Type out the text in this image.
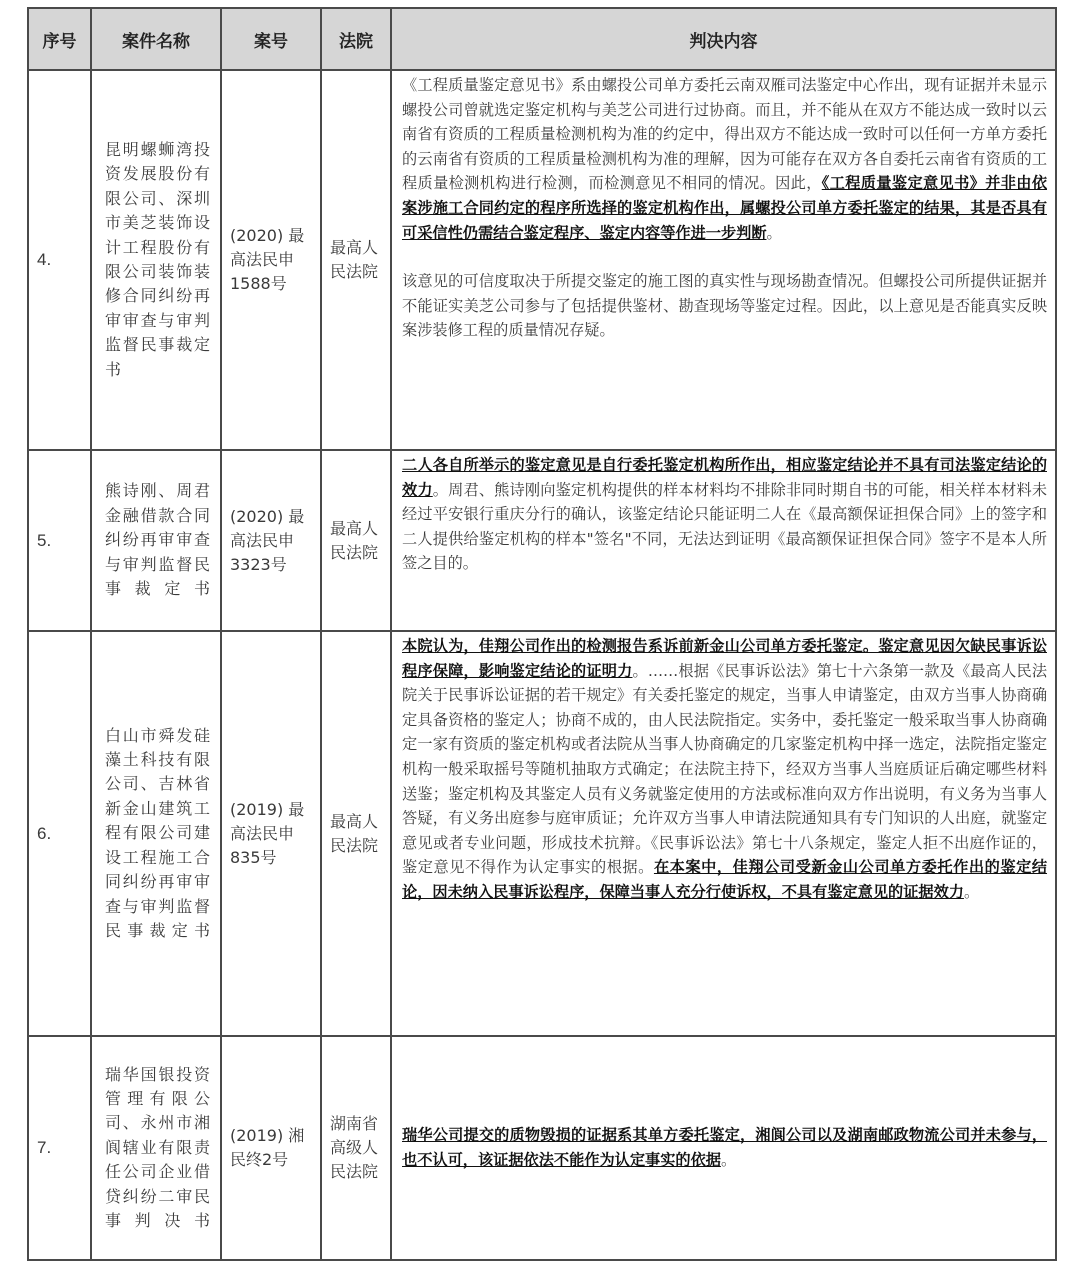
序号	案件名称	案号	法院	判决内容
4.	昆明螺蛳湾投资发展股份有限公司、深圳市美芝装饰设计工程股份有限公司装饰装修合同纠纷再审审查与审判监督民事裁定书	(2020) 最高法民申1588号	最高人民法院	《工程质量鉴定意见书》系由螺投公司单方委托云南双雁司法鉴定中心作出，现有证据并未显示螺投公司曾就选定鉴定机构与美芝公司进行过协商。而且，并不能从在双方不能达成一致时以云南省有资质的工程质量检测机构为准的约定中，得出双方不能达成一致时可以任何一方单方委托的云南省有资质的工程质量检测机构为准的理解，因为可能存在双方各自委托云南省有资质的工程质量检测机构进行检测，而检测意见不相同的情况。因此，《工程质量鉴定意见书》并非由依案涉施工合同约定的程序所选择的鉴定机构作出，属螺投公司单方委托鉴定的结果，其是否具有可采信性仍需结合鉴定程序、鉴定内容等作进一步判断。

该意见的可信度取决于所提交鉴定的施工图的真实性与现场勘查情况。但螺投公司所提供证据并不能证实美芝公司参与了包括提供鉴材、勘查现场等鉴定过程。因此，以上意见是否能真实反映案涉装修工程的质量情况存疑。

5.	熊诗刚、周君金融借款合同纠纷再审审查与审判监督民事裁定书	(2020) 最高法民申3323号	最高人民法院	二人各自所举示的鉴定意见是自行委托鉴定机构所作出，相应鉴定结论并不具有司法鉴定结论的效力。周君、熊诗刚向鉴定机构提供的样本材料均不排除非同时期自书的可能，相关样本材料未经过平安银行重庆分行的确认，该鉴定结论只能证明二人在《最高额保证担保合同》上的签字和二人提供给鉴定机构的样本"签名"不同，无法达到证明《最高额保证担保合同》签字不是本人所签之目的。

6.	白山市舜发硅藻土科技有限公司、吉林省新金山建筑工程有限公司建设工程施工合同纠纷再审审查与审判监督民事裁定书	(2019) 最高法民申835号	最高人民法院	本院认为，佳翔公司作出的检测报告系诉前新金山公司单方委托鉴定。鉴定意见因欠缺民事诉讼程序保障，影响鉴定结论的证明力。……根据《民事诉讼法》第七十六条第一款及《最高人民法院关于民事诉讼证据的若干规定》有关委托鉴定的规定，当事人申请鉴定，由双方当事人协商确定具备资格的鉴定人；协商不成的，由人民法院指定。实务中，委托鉴定一般采取当事人协商确定一家有资质的鉴定机构或者法院从当事人协商确定的几家鉴定机构中择一选定，法院指定鉴定机构一般采取摇号等随机抽取方式确定；在法院主持下，经双方当事人当庭质证后确定哪些材料送鉴；鉴定机构及其鉴定人员有义务就鉴定使用的方法或标准向双方作出说明，有义务为当事人答疑，有义务出庭参与庭审质证；允许双方当事人申请法院通知具有专门知识的人出庭，就鉴定意见或者专业问题，形成技术抗辩。《民事诉讼法》第七十八条规定，鉴定人拒不出庭作证的，鉴定意见不得作为认定事实的根据。在本案中，佳翔公司受新金山公司单方委托作出的鉴定结论，因未纳入民事诉讼程序，保障当事人充分行使诉权，不具有鉴定意见的证据效力。

7.	瑞华国银投资管理有限公司、永州市湘阆辖业有限责任公司企业借贷纠纷二审民事判决书	(2019) 湘民终2号	湖南省高级人民法院	瑞华公司提交的质物毁损的证据系其单方委托鉴定，湘阆公司以及湖南邮政物流公司并未参与，也不认可，该证据依法不能作为认定事实的依据。
